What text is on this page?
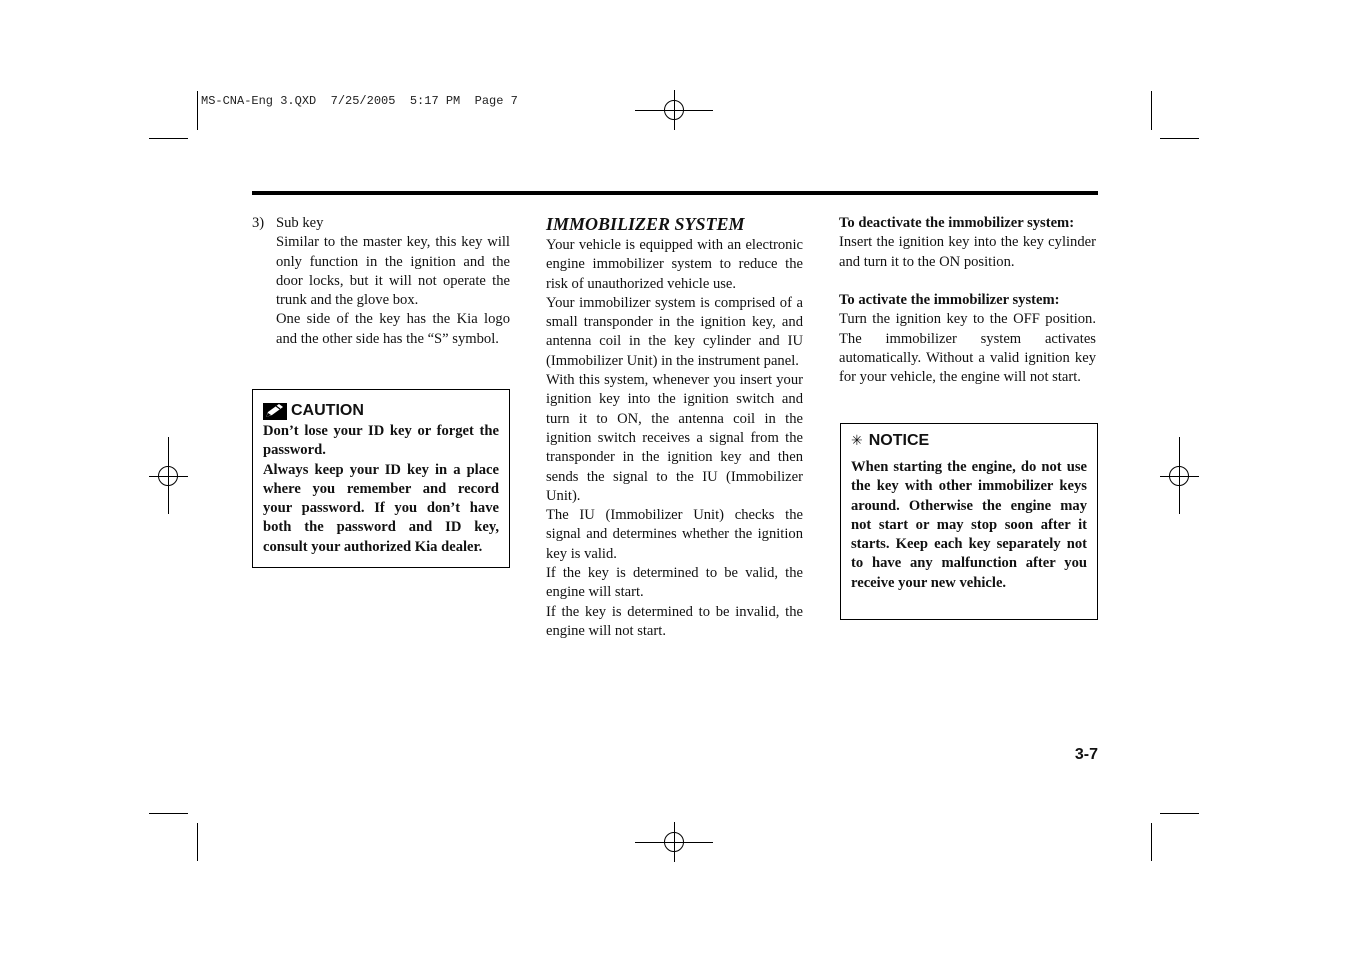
MS-CNA-Eng 3.QXD  7/25/2005  5:17 PM  Page 7
3) Sub key

Similar to the master key, this key will only function in the ignition and the door locks, but it will not operate the trunk and the glove box.

One side of the key has the Kia logo and the other side has the “S” symbol.

CAUTION

Don’t lose your ID key or forget the password.

Always keep your ID key in a place where you remember and record your password. If you don’t have both the password and ID key, consult your authorized Kia dealer.

IMMOBILIZER SYSTEM

Your vehicle is equipped with an electronic engine immobilizer system to reduce the risk of unauthorized vehicle use.

Your immobilizer system is comprised of a small transponder in the ignition key, and antenna coil in the key cylinder and IU (Immobilizer Unit) in the instrument panel.

With this system, whenever you insert your ignition key into the ignition switch and turn it to ON, the antenna coil in the ignition switch receives a signal from the transponder in the ignition key and then sends the signal to the IU (Immobilizer Unit).

The IU (Immobilizer Unit) checks the signal and determines whether the ignition key is valid.

If the key is determined to be valid, the engine will start.

If the key is determined to be invalid, the engine will not start.

To deactivate the immobilizer system:

Insert the ignition key into the key cylinder and turn it to the ON position.

To activate the immobilizer system:

Turn the ignition key to the OFF position. The immobilizer system activates automatically. Without a valid ignition key for your vehicle, the engine will not start.

✳ NOTICE

When starting the engine, do not use the key with other immobilizer keys around. Otherwise the engine may not start or may stop soon after it starts. Keep each key separately not to have any malfunction after you receive your new vehicle.

3-7
